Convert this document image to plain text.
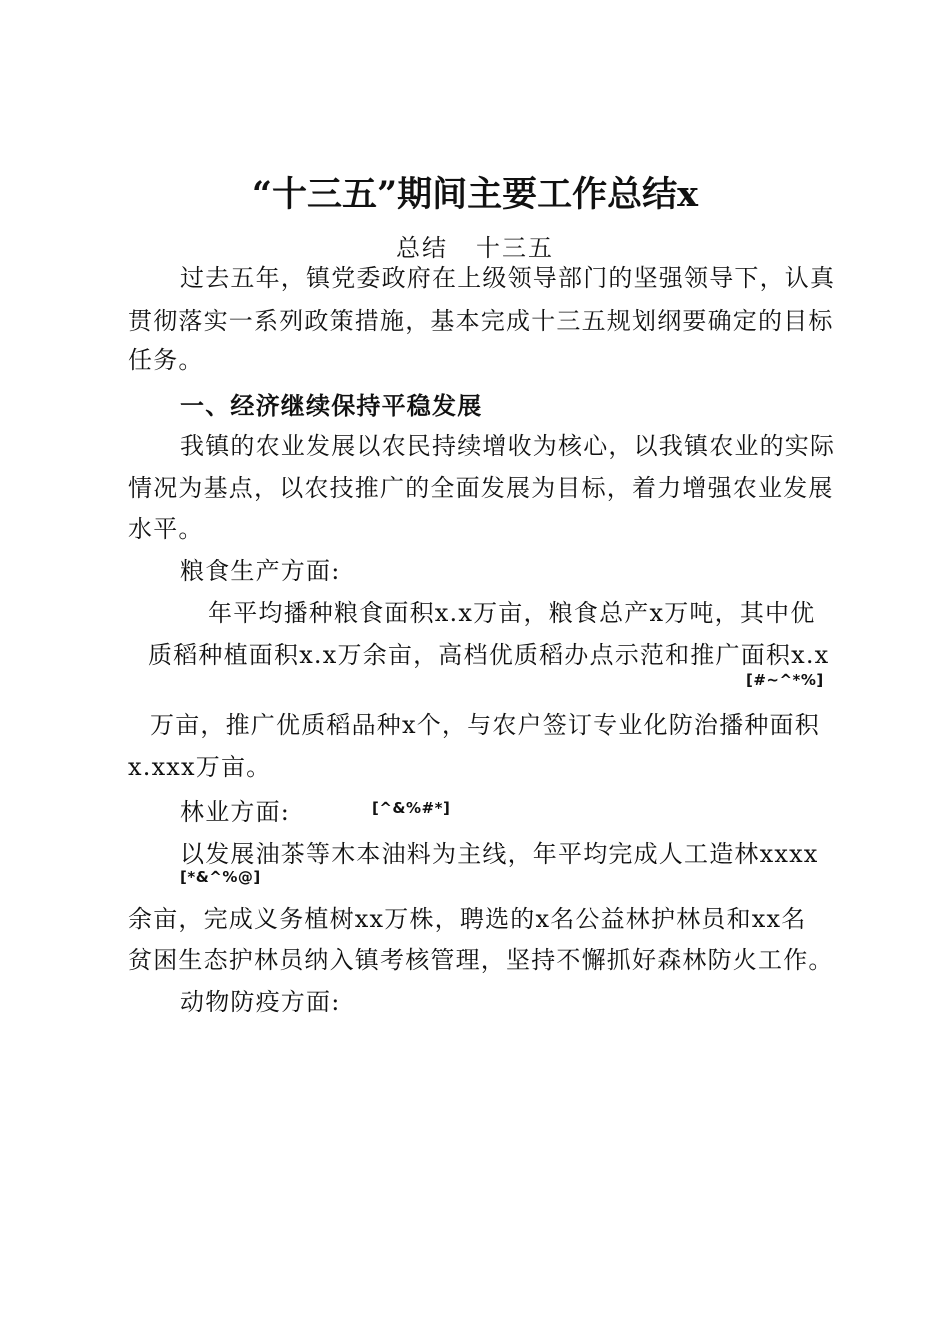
“十三五”期间主要工作总结x
总结 十三五
过去五年，镇党委政府在上级领导部门的坚强领导下，认真
贯彻落实一系列政策措施，基本完成十三五规划纲要确定的目标
任务。
一、经济继续保持平稳发展
我镇的农业发展以农民持续增收为核心，以我镇农业的实际
情况为基点，以农技推广的全面发展为目标，着力增强农业发展
水平。
粮食生产方面:
年平均播种粮食面积x.x万亩，粮食总产x万吨，其中优
质稻种植面积x.x万余亩，高档优质稻办点示范和推广面积x.x
[#~^*%]
万亩，推广优质稻品种x个，与农户签订专业化防治播种面积
x.xxx万亩。
林业方面:	[^&%#*]
以发展油茶等木本油料为主线，年平均完成人工造林xxxx
[*&^%@]
余亩，完成义务植树xx万株，聘选的x名公益林护林员和xx名
贫困生态护林员纳入镇考核管理，坚持不懈抓好森林防火工作。
动物防疫方面:
